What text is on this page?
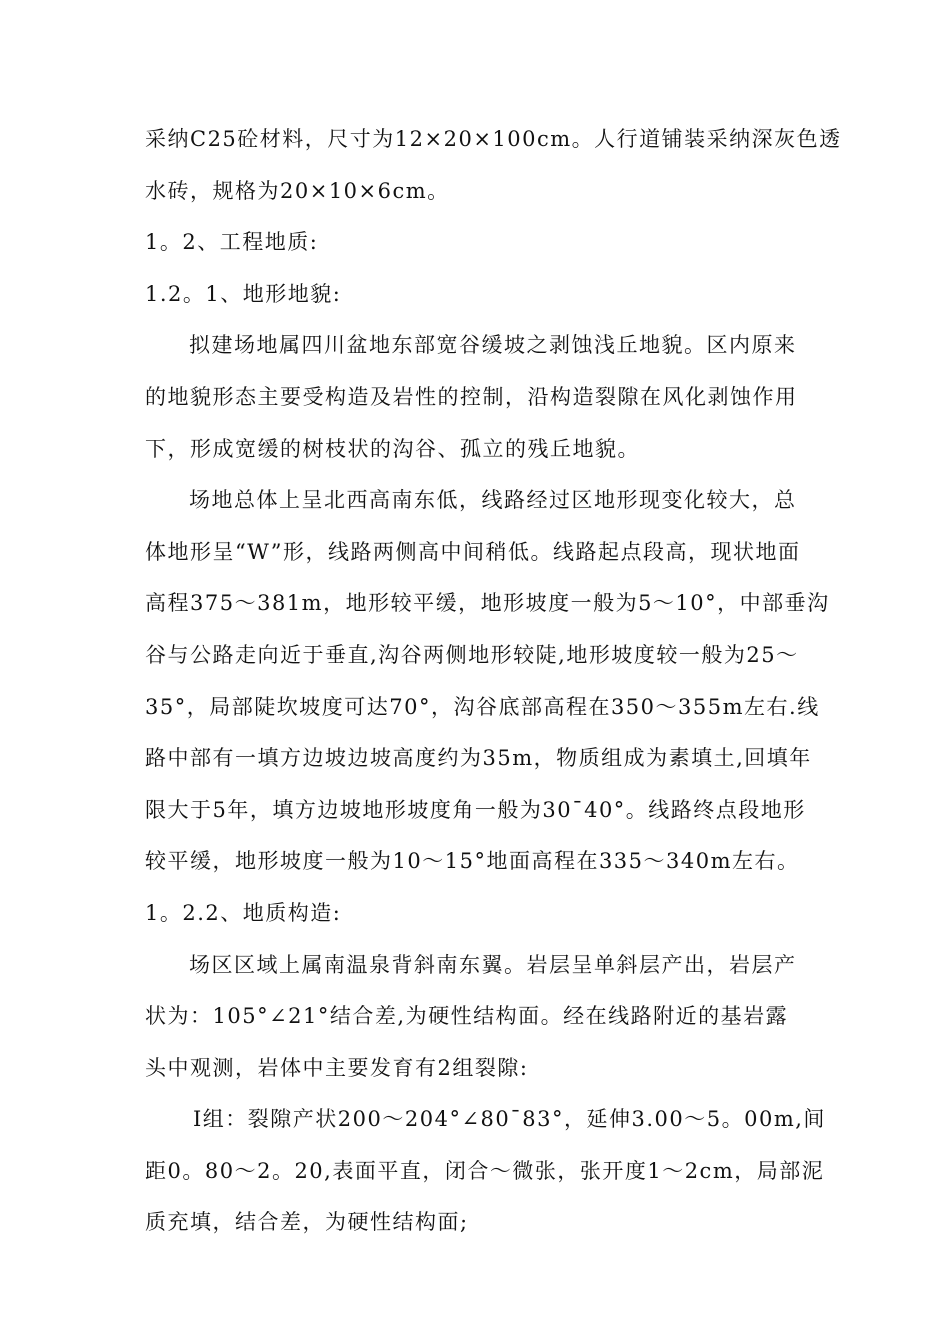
采纳C25砼材料，尺寸为12×20×100cm。人行道铺装采纳深灰色透
水砖，规格为20×10×6cm。
1。2、工程地质:
1.2。1、地形地貌:
拟建场地属四川盆地东部宽谷缓坡之剥蚀浅丘地貌。区内原来
的地貌形态主要受构造及岩性的控制，沿构造裂隙在风化剥蚀作用
下，形成宽缓的树枝状的沟谷、孤立的残丘地貌。
场地总体上呈北西高南东低，线路经过区地形现变化较大，总
体地形呈“W”形，线路两侧高中间稍低。线路起点段高，现状地面
高程375～381m，地形较平缓，地形坡度一般为5～10°，中部垂沟
谷与公路走向近于垂直,沟谷两侧地形较陡,地形坡度较一般为25～
35°，局部陡坎坡度可达70°，沟谷底部高程在350～355m左右.线
路中部有一填方边坡边坡高度约为35m，物质组成为素填土,回填年
限大于5年，填方边坡地形坡度角一般为30¯40°。线路终点段地形
较平缓，地形坡度一般为10～15°地面高程在335～340m左右。
1。2.2、地质构造:
场区区域上属南温泉背斜南东翼。岩层呈单斜层产出，岩层产
状为：105°∠21°结合差,为硬性结构面。经在线路附近的基岩露
头中观测，岩体中主要发育有2组裂隙:
Ⅰ组：裂隙产状200～204°∠80¯83°，延伸3.00～5。00m,间
距0。80～2。20,表面平直，闭合～微张，张开度1～2cm，局部泥
质充填，结合差，为硬性结构面;
